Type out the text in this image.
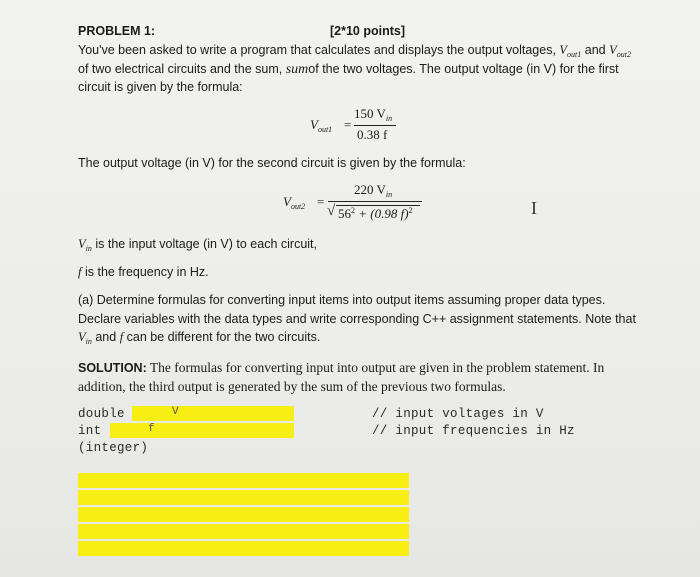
PROBLEM 1:	[2*10 points]
You've been asked to write a program that calculates and displays the output voltages, $V_{out1}$ and $V_{out2}$
of two electrical circuits and the sum, sumof the two voltages. The output voltage (in V) for the first
circuit is given by the formula:
$V_{out1}$ =
150 $V_{in}$
0.38 f
The output voltage (in V) for the second circuit is given by the formula:
$V_{out2}$ =
220 $V_{in}$
√ $56^2 + (0.98$ f)$^2$	I
$V_{in}$ is the input voltage (in V) to each circuit,
f is the frequency in Hz.
(a) Determine formulas for converting input items into output items assuming proper data types.
Declare variables with the data types and write corresponding C++ assignment statements. Note that
$V_{in}$ and f can be different for the two circuits.
SOLUTION: The formulas for converting input into output are given in the problem statement. In
addition, the third output is generated by the sum of the previous two formulas.
double	V	// input voltages in V
int	f	// input frequencies in Hz
(integer)
